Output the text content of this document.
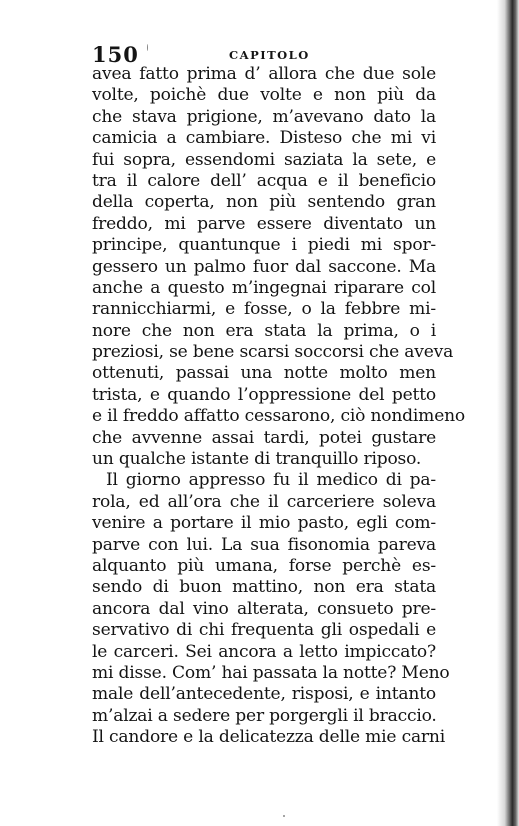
150	CAPITOLO
avea fatto prima d’ allora che due sole
volte, poichè due volte e non più da
che stava prigione, m’avevano dato la
camicia a cambiare. Disteso che mi vi
fui sopra, essendomi saziata la sete, e
tra il calore dell’ acqua e il beneficio
della coperta, non più sentendo gran
freddo, mi parve essere diventato un
principe, quantunque i piedi mi spor-
gessero un palmo fuor dal saccone. Ma
anche a questo m’ingegnai riparare col
rannicchiarmi, e fosse, o la febbre mi-
nore che non era stata la prima, o i
preziosi, se bene scarsi soccorsi che aveva
ottenuti, passai una notte molto men
trista, e quando l’oppressione del petto
e il freddo affatto cessarono, ciò nondimeno
che avvenne assai tardi, potei gustare
un qualche istante di tranquillo riposo.
Il giorno appresso fu il medico di pa-
rola, ed all’ora che il carceriere soleva
venire a portare il mio pasto, egli com-
parve con lui. La sua fisonomia pareva
alquanto più umana, forse perchè es-
sendo di buon mattino, non era stata
ancora dal vino alterata, consueto pre-
servativo di chi frequenta gli ospedali e
le carceri. Sei ancora a letto impiccato?
mi disse. Com’ hai passata la notte? Meno
male dell’antecedente, risposi, e intanto
m’alzai a sedere per porgergli il braccio.
Il candore e la delicatezza delle mie carni
